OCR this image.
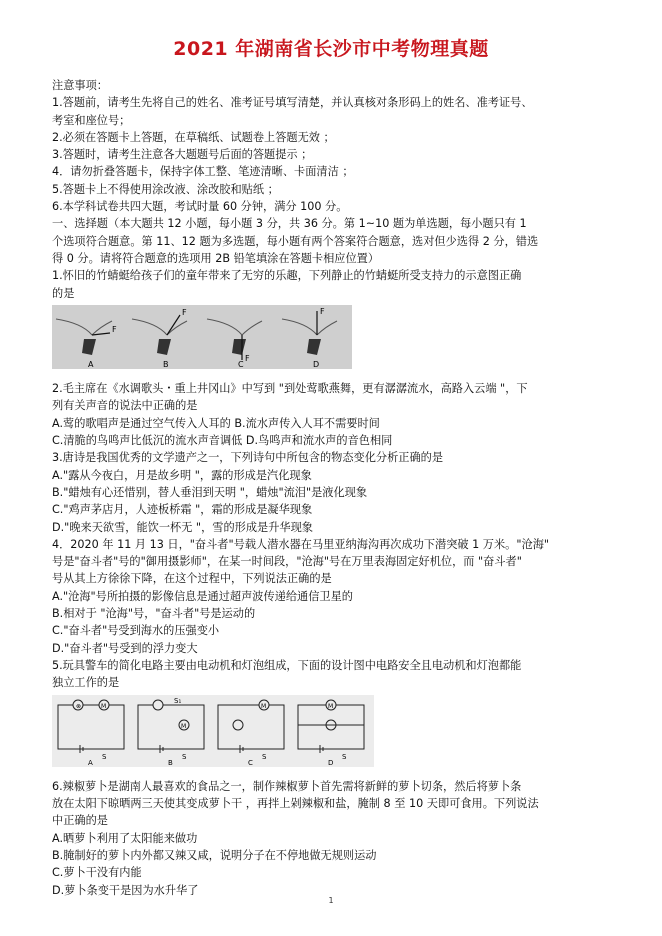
2021 年湖南省长沙市中考物理真题
注意事项：
1.答题前，请考生先将自己的姓名、准考证号填写清楚，并认真核对条形码上的姓名、准考证号、
考室和座位号；
2.必须在答题卡上答题，在草稿纸、试题卷上答题无效 ；
3.答题时，请考生注意各大题题号后面的答题提示 ；
4．请勿折叠答题卡，保持字体工整、笔迹清晰、卡面清洁 ；
5.答题卡上不得使用涂改液、涂改胶和贴纸 ；
6.本学科试卷共四大题，考试时量 60 分钟，满分 100 分。
一、选择题（本大题共 12 小题，每小题 3 分，共 36 分。第 1~10 题为单选题，每小题只有 1
个选项符合题意。第 11、12 题为多选题，每小题有两个答案符合题意，选对但少选得 2 分，错选
得 0 分。请将符合题意的选项用 2B 铅笔填涂在答题卡相应位置）
1.怀旧的竹蜻蜓给孩子们的童年带来了无穷的乐趣，下列静止的竹蜻蜓所受支持力的示意图正确
的是
F
F
F
F
A	B	C	D
2.毛主席在《水调歌头・重上井冈山》中写到 "到处莺歌燕舞，更有潺潺流水，高路入云端 "，下
列有关声音的说法中正确的是
A.莺的歌唱声是通过空气传入人耳的 B.流水声传入人耳不需要时间
C.清脆的鸟鸣声比低沉的流水声音调低 D.鸟鸣声和流水声的音色相同
3.唐诗是我国优秀的文学遗产之一，下列诗句中所包含的物态变化分析正确的是
A."露从今夜白，月是故乡明 "，露的形成是汽化现象
B."蜡烛有心还惜别，替人垂泪到天明 "，蜡烛"流泪"是液化现象
C."鸡声茅店月，人迹板桥霜 "，霜的形成是凝华现象
D."晚来天欲雪，能饮一杯无 "，雪的形成是升华现象
4．2020 年 11 月 13 日，"奋斗者"号载人潜水器在马里亚纳海沟再次成功下潜突破 1 万米。"沧海"
号是"奋斗者"号的"御用摄影师"，在某一时间段，"沧海"号在万里表海固定好机位，而 "奋斗者"
号从其上方徐徐下降，在这个过程中，下列说法正确的是
A."沧海"号所拍摄的影像信息是通过超声波传递给通信卫星的
B.相对于 "沧海"号，"奋斗者"号是运动的
C."奋斗者"号受到海水的压强变小
D."奋斗者"号受到的浮力变大
5.玩具警车的简化电路主要由电动机和灯泡组成，下面的设计图中电路安全且电动机和灯泡都能
独立工作的是
⊗	M
M
M	M
S	S
S₁
S	S
A	B	C	D
6.辣椒萝卜是湖南人最喜欢的食品之一，制作辣椒萝卜首先需将新鲜的萝卜切条，然后将萝卜条
放在太阳下晾晒两三天使其变成萝卜干 ，再拌上剁辣椒和盐，腌制 8 至 10 天即可食用。下列说法
中正确的是
A.晒萝卜利用了太阳能来做功
B.腌制好的萝卜内外都又辣又咸，说明分子在不停地做无规则运动
C.萝卜干没有内能
D.萝卜条变干是因为水升华了
1
